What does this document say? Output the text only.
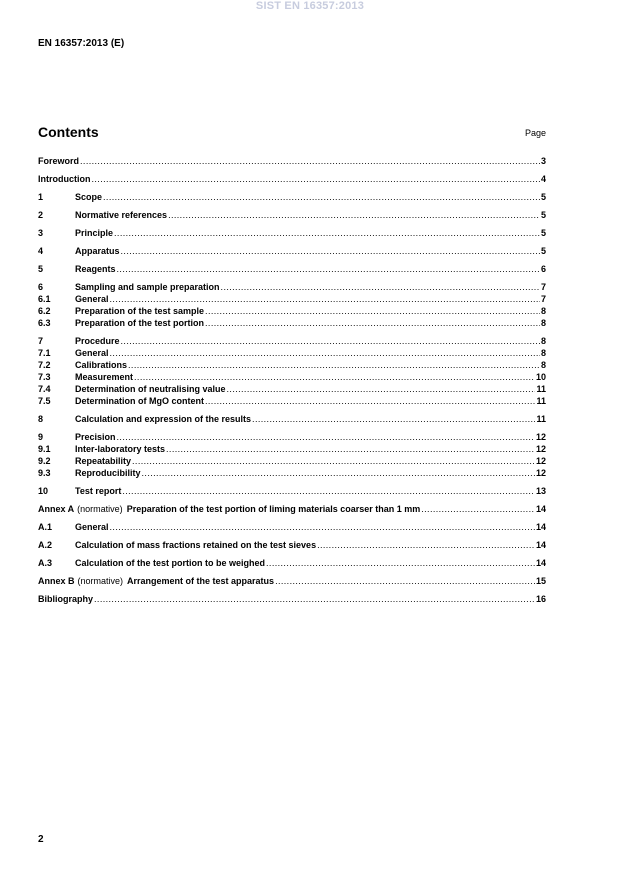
SIST EN 16357:2013
EN 16357:2013 (E)
Contents	Page
Foreword .....	3
Introduction .....	4
1	Scope .....	5
2	Normative references .....	5
3	Principle .....	5
4	Apparatus .....	5
5	Reagents .....	6
6	Sampling and sample preparation .....	7
6.1	General .....	7
6.2	Preparation of the test sample .....	8
6.3	Preparation of the test portion .....	8
7	Procedure .....	8
7.1	General .....	8
7.2	Calibrations .....	8
7.3	Measurement .....	10
7.4	Determination of neutralising value .....	11
7.5	Determination of MgO content .....	11
8	Calculation and expression of the results .....	11
9	Precision .....	12
9.1	Inter-laboratory tests .....	12
9.2	Repeatability .....	12
9.3	Reproducibility .....	12
10	Test report .....	13
Annex A (normative) Preparation of the test portion of liming materials coarser than 1 mm .....	14
A.1	General .....	14
A.2	Calculation of mass fractions retained on the test sieves .....	14
A.3	Calculation of the test portion to be weighed .....	14
Annex B (normative) Arrangement of the test apparatus .....	15
Bibliography .....	16
2
